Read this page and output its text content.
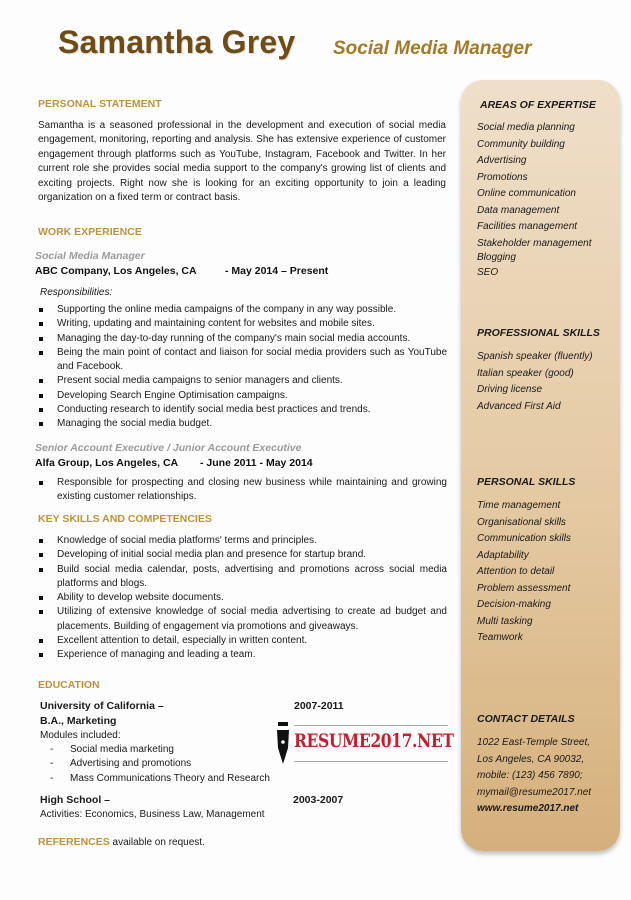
Samantha Grey Social Media Manager
PERSONAL STATEMENT
Samantha is a seasoned professional in the development and execution of social media engagement, monitoring, reporting and analysis. She has extensive experience of customer engagement through platforms such as YouTube, Instagram, Facebook and Twitter. In her current role she provides social media support to the company's growing list of clients and exciting projects. Right now she is looking for an exciting opportunity to join a leading organization on a fixed term or contract basis.
WORK EXPERIENCE
Social Media Manager
ABC Company, Los Angeles, CA	- May 2014 – Present
Responsibilities:
Supporting the online media campaigns of the company in any way possible.
Writing, updating and maintaining content for websites and mobile sites.
Managing the day-to-day running of the company's main social media accounts.
Being the main point of contact and liaison for social media providers such as YouTube and Facebook.
Present social media campaigns to senior managers and clients.
Developing Search Engine Optimisation campaigns.
Conducting research to identify social media best practices and trends.
Managing the social media budget.
Senior Account Executive / Junior Account Executive
Alfa Group, Los Angeles, CA - June 2011 - May 2014
Responsible for prospecting and closing new business while maintaining and growing existing customer relationships.
KEY SKILLS AND COMPETENCIES
Knowledge of social media platforms' terms and principles.
Developing of initial social media plan and presence for startup brand.
Build social media calendar, posts, advertising and promotions across social media platforms and blogs.
Ability to develop website documents.
Utilizing of extensive knowledge of social media advertising to create ad budget and placements. Building of engagement via promotions and giveaways.
Excellent attention to detail, especially in written content.
Experience of managing and leading a team.
EDUCATION
University of California –	2007-2011
B.A., Marketing
Modules included:
- Social media marketing
- Advertising and promotions
- Mass Communications Theory and Research
High School –	2003-2007
Activities: Economics, Business Law, Management
REFERENCES available on request.
RESUME2017.NET
AREAS OF EXPERTISE
Social media planning
Community building
Advertising
Promotions
Online communication
Data management
Facilities management
Stakeholder management
Blogging
SEO
PROFESSIONAL SKILLS
Spanish speaker (fluently)
Italian speaker (good)
Driving license
Advanced First Aid
PERSONAL SKILLS
Time management
Organisational skills
Communication skills
Adaptability
Attention to detail
Problem assessment
Decision-making
Multi tasking
Teamwork
CONTACT DETAILS
1022 East-Temple Street,
Los Angeles, CA 90032,
mobile: (123) 456 7890;
mymail@resume2017.net
www.resume2017.net
